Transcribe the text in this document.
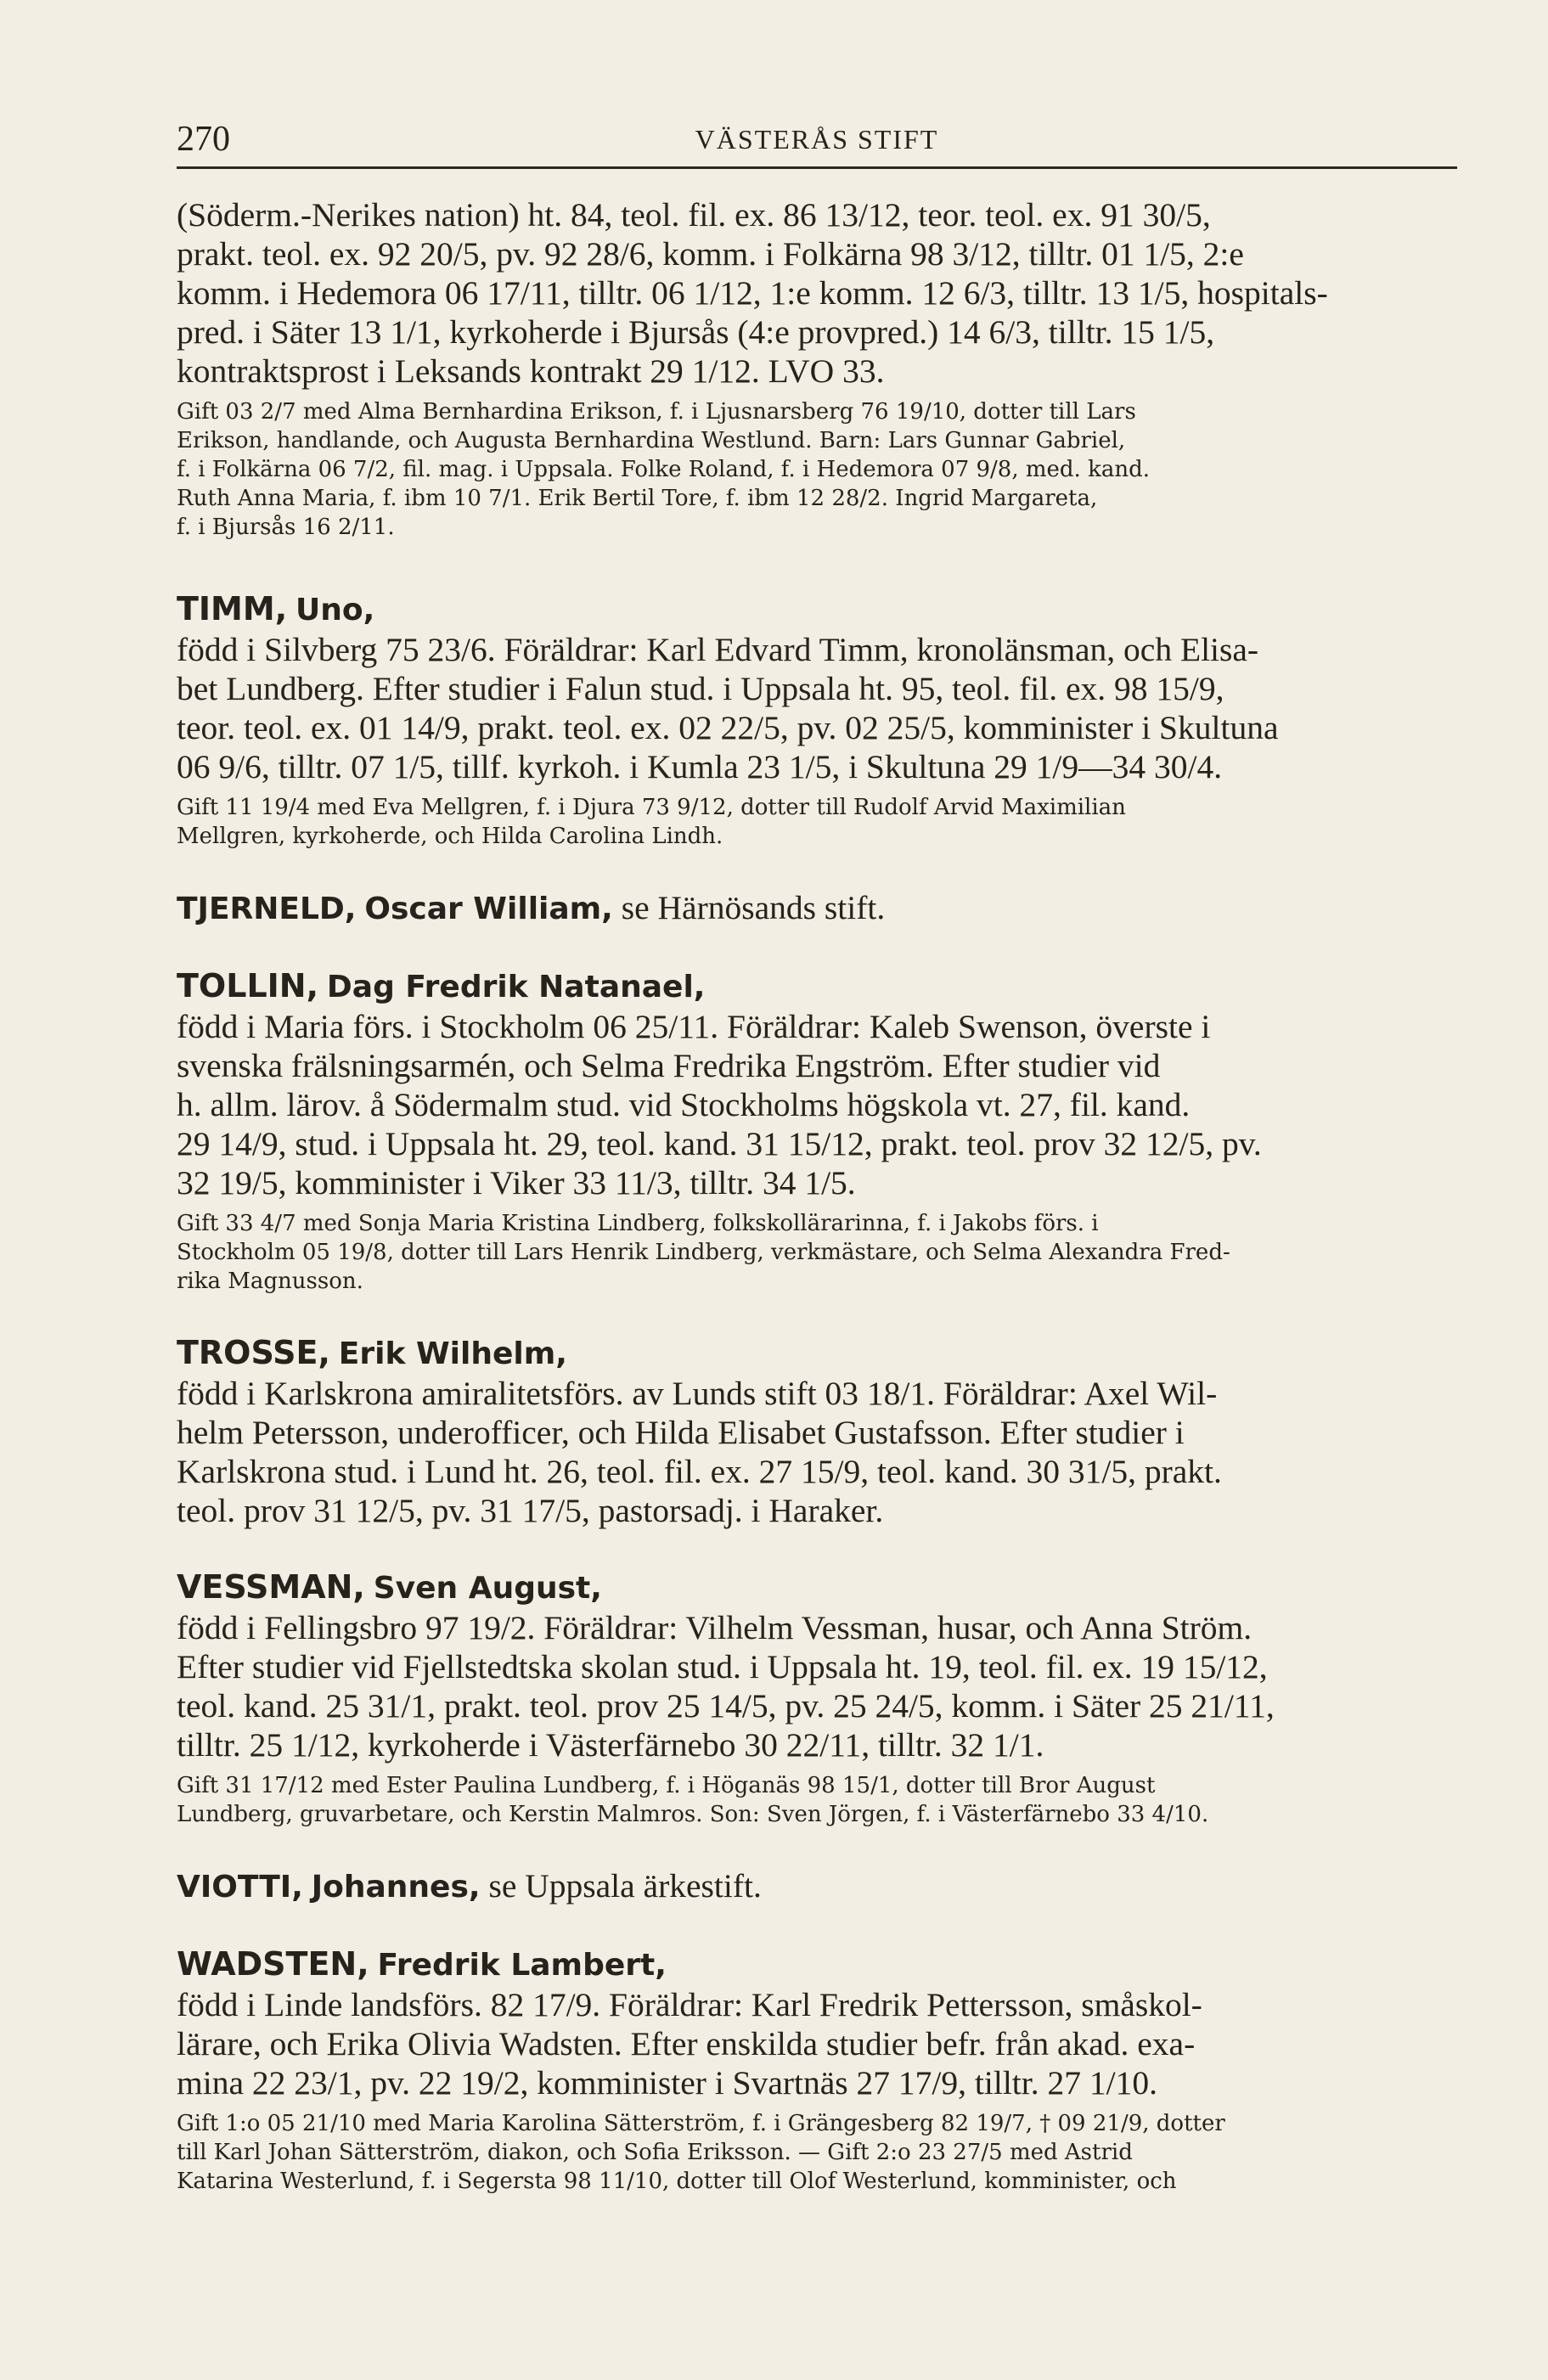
270	VÄSTERÅS STIFT
(Söderm.-Nerikes nation) ht. 84, teol. fil. ex. 86 13/12, teor. teol. ex. 91 30/5,
prakt. teol. ex. 92 20/5, pv. 92 28/6, komm. i Folkärna 98 3/12, tilltr. 01 1/5, 2:e
komm. i Hedemora 06 17/11, tilltr. 06 1/12, 1:e komm. 12 6/3, tilltr. 13 1/5, hospitals-
pred. i Säter 13 1/1, kyrkoherde i Bjursås (4:e provpred.) 14 6/3, tilltr. 15 1/5,
kontraktsprost i Leksands kontrakt 29 1/12. LVO 33.
Gift 03 2/7 med Alma Bernhardina Erikson, f. i Ljusnarsberg 76 19/10, dotter till Lars
Erikson, handlande, och Augusta Bernhardina Westlund. Barn: Lars Gunnar Gabriel,
f. i Folkärna 06 7/2, fil. mag. i Uppsala. Folke Roland, f. i Hedemora 07 9/8, med. kand.
Ruth Anna Maria, f. ibm 10 7/1. Erik Bertil Tore, f. ibm 12 28/2. Ingrid Margareta,
f. i Bjursås 16 2/11.
TIMM, Uno,
född i Silvberg 75 23/6. Föräldrar: Karl Edvard Timm, kronolänsman, och Elisa-
bet Lundberg. Efter studier i Falun stud. i Uppsala ht. 95, teol. fil. ex. 98 15/9,
teor. teol. ex. 01 14/9, prakt. teol. ex. 02 22/5, pv. 02 25/5, komminister i Skultuna
06 9/6, tilltr. 07 1/5, tillf. kyrkoh. i Kumla 23 1/5, i Skultuna 29 1/9—34 30/4.
Gift 11 19/4 med Eva Mellgren, f. i Djura 73 9/12, dotter till Rudolf Arvid Maximilian
Mellgren, kyrkoherde, och Hilda Carolina Lindh.
TJERNELD, Oscar William, se Härnösands stift.
TOLLIN, Dag Fredrik Natanael,
född i Maria förs. i Stockholm 06 25/11. Föräldrar: Kaleb Swenson, överste i
svenska frälsningsarmén, och Selma Fredrika Engström. Efter studier vid
h. allm. lärov. å Södermalm stud. vid Stockholms högskola vt. 27, fil. kand.
29 14/9, stud. i Uppsala ht. 29, teol. kand. 31 15/12, prakt. teol. prov 32 12/5, pv.
32 19/5, komminister i Viker 33 11/3, tilltr. 34 1/5.
Gift 33 4/7 med Sonja Maria Kristina Lindberg, folkskollärarinna, f. i Jakobs förs. i
Stockholm 05 19/8, dotter till Lars Henrik Lindberg, verkmästare, och Selma Alexandra Fred-
rika Magnusson.
TROSSE, Erik Wilhelm,
född i Karlskrona amiralitetsförs. av Lunds stift 03 18/1. Föräldrar: Axel Wil-
helm Petersson, underofficer, och Hilda Elisabet Gustafsson. Efter studier i
Karlskrona stud. i Lund ht. 26, teol. fil. ex. 27 15/9, teol. kand. 30 31/5, prakt.
teol. prov 31 12/5, pv. 31 17/5, pastorsadj. i Haraker.
VESSMAN, Sven August,
född i Fellingsbro 97 19/2. Föräldrar: Vilhelm Vessman, husar, och Anna Ström.
Efter studier vid Fjellstedtska skolan stud. i Uppsala ht. 19, teol. fil. ex. 19 15/12,
teol. kand. 25 31/1, prakt. teol. prov 25 14/5, pv. 25 24/5, komm. i Säter 25 21/11,
tilltr. 25 1/12, kyrkoherde i Västerfärnebo 30 22/11, tilltr. 32 1/1.
Gift 31 17/12 med Ester Paulina Lundberg, f. i Höganäs 98 15/1, dotter till Bror August
Lundberg, gruvarbetare, och Kerstin Malmros. Son: Sven Jörgen, f. i Västerfärnebo 33 4/10.
VIOTTI, Johannes, se Uppsala ärkestift.
WADSTEN, Fredrik Lambert,
född i Linde landsförs. 82 17/9. Föräldrar: Karl Fredrik Pettersson, småskol-
lärare, och Erika Olivia Wadsten. Efter enskilda studier befr. från akad. exa-
mina 22 23/1, pv. 22 19/2, komminister i Svartnäs 27 17/9, tilltr. 27 1/10.
Gift 1:o 05 21/10 med Maria Karolina Sätterström, f. i Grängesberg 82 19/7, † 09 21/9, dotter
till Karl Johan Sätterström, diakon, och Sofia Eriksson. — Gift 2:o 23 27/5 med Astrid
Katarina Westerlund, f. i Segersta 98 11/10, dotter till Olof Westerlund, komminister, och
